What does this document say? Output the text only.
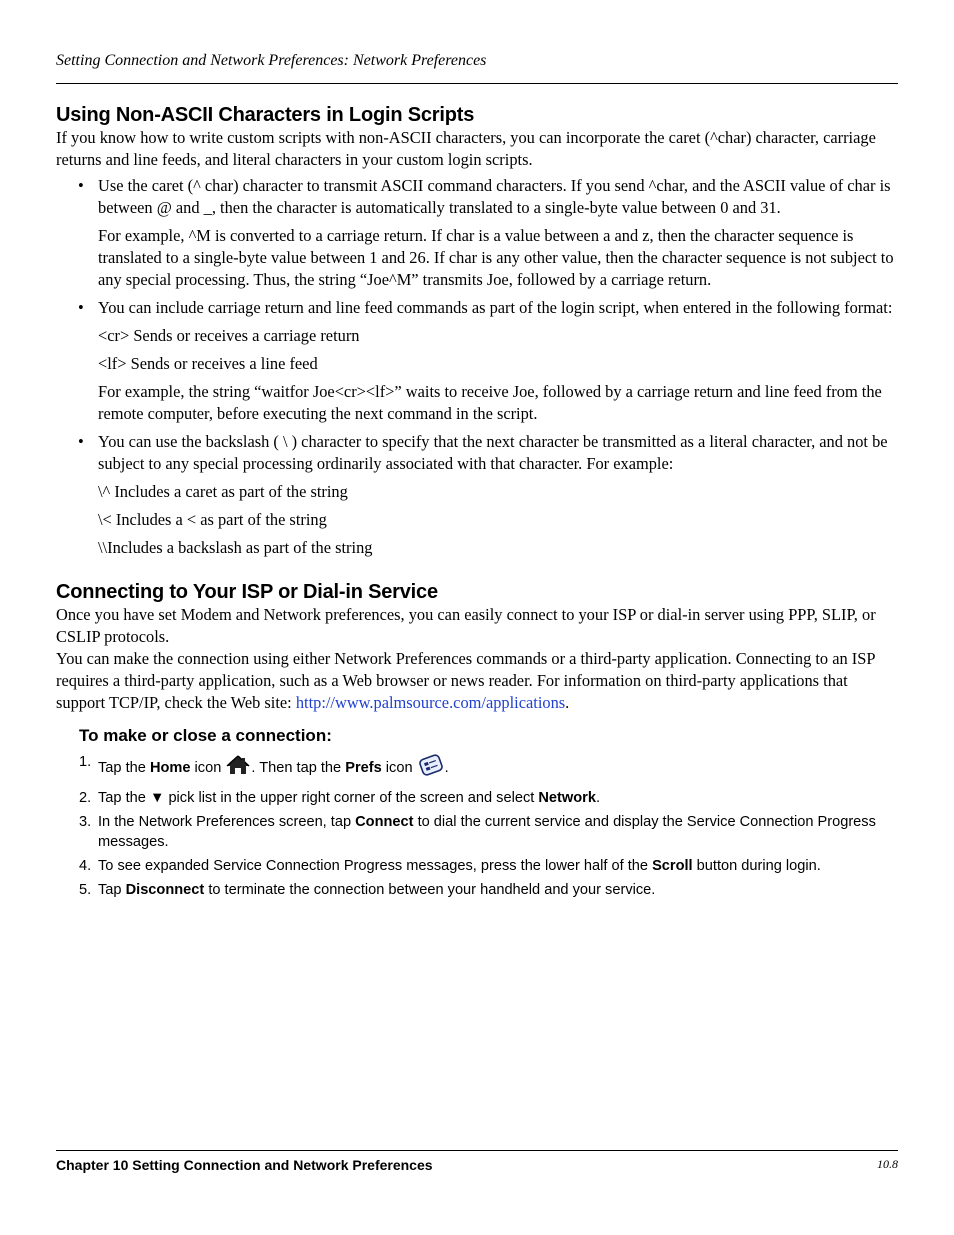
Setting Connection and Network Preferences: Network Preferences
Using Non-ASCII Characters in Login Scripts

If you know how to write custom scripts with non-ASCII characters, you can incorporate the caret (^char) character, carriage returns and line feeds, and literal characters in your custom login scripts.

• Use the caret (^ char) character to transmit ASCII command characters. If you send ^char, and the ASCII value of char is between @ and _, then the character is automatically translated to a single-byte value between 0 and 31.
For example, ^M is converted to a carriage return. If char is a value between a and z, then the character sequence is translated to a single-byte value between 1 and 26. If char is any other value, then the character sequence is not subject to any special processing. Thus, the string “Joe^M” transmits Joe, followed by a carriage return.
• You can include carriage return and line feed commands as part of the login script, when entered in the following format:
<cr> Sends or receives a carriage return
<lf> Sends or receives a line feed
For example, the string “waitfor Joe<cr><lf>” waits to receive Joe, followed by a carriage return and line feed from the remote computer, before executing the next command in the script.
• You can use the backslash ( \ ) character to specify that the next character be transmitted as a literal character, and not be subject to any special processing ordinarily associated with that character. For example:
\^ Includes a caret as part of the string
\< Includes a < as part of the string
\\Includes a backslash as part of the string
Connecting to Your ISP or Dial-in Service

Once you have set Modem and Network preferences, you can easily connect to your ISP or dial-in server using PPP, SLIP, or CSLIP protocols.

You can make the connection using either Network Preferences commands or a third-party application. Connecting to an ISP requires a third-party application, such as a Web browser or news reader. For information on third-party applications that support TCP/IP, check the Web site: http://www.palmsource.com/applications.

To make or close a connection:
1. Tap the Home icon . Then tap the Prefs icon .
2. Tap the ▼ pick list in the upper right corner of the screen and select Network.
3. In the Network Preferences screen, tap Connect to dial the current service and display the Service Connection Progress messages.
4. To see expanded Service Connection Progress messages, press the lower half of the Scroll button during login.
5. Tap Disconnect to terminate the connection between your handheld and your service.
Chapter 10 Setting Connection and Network Preferences	10.8
